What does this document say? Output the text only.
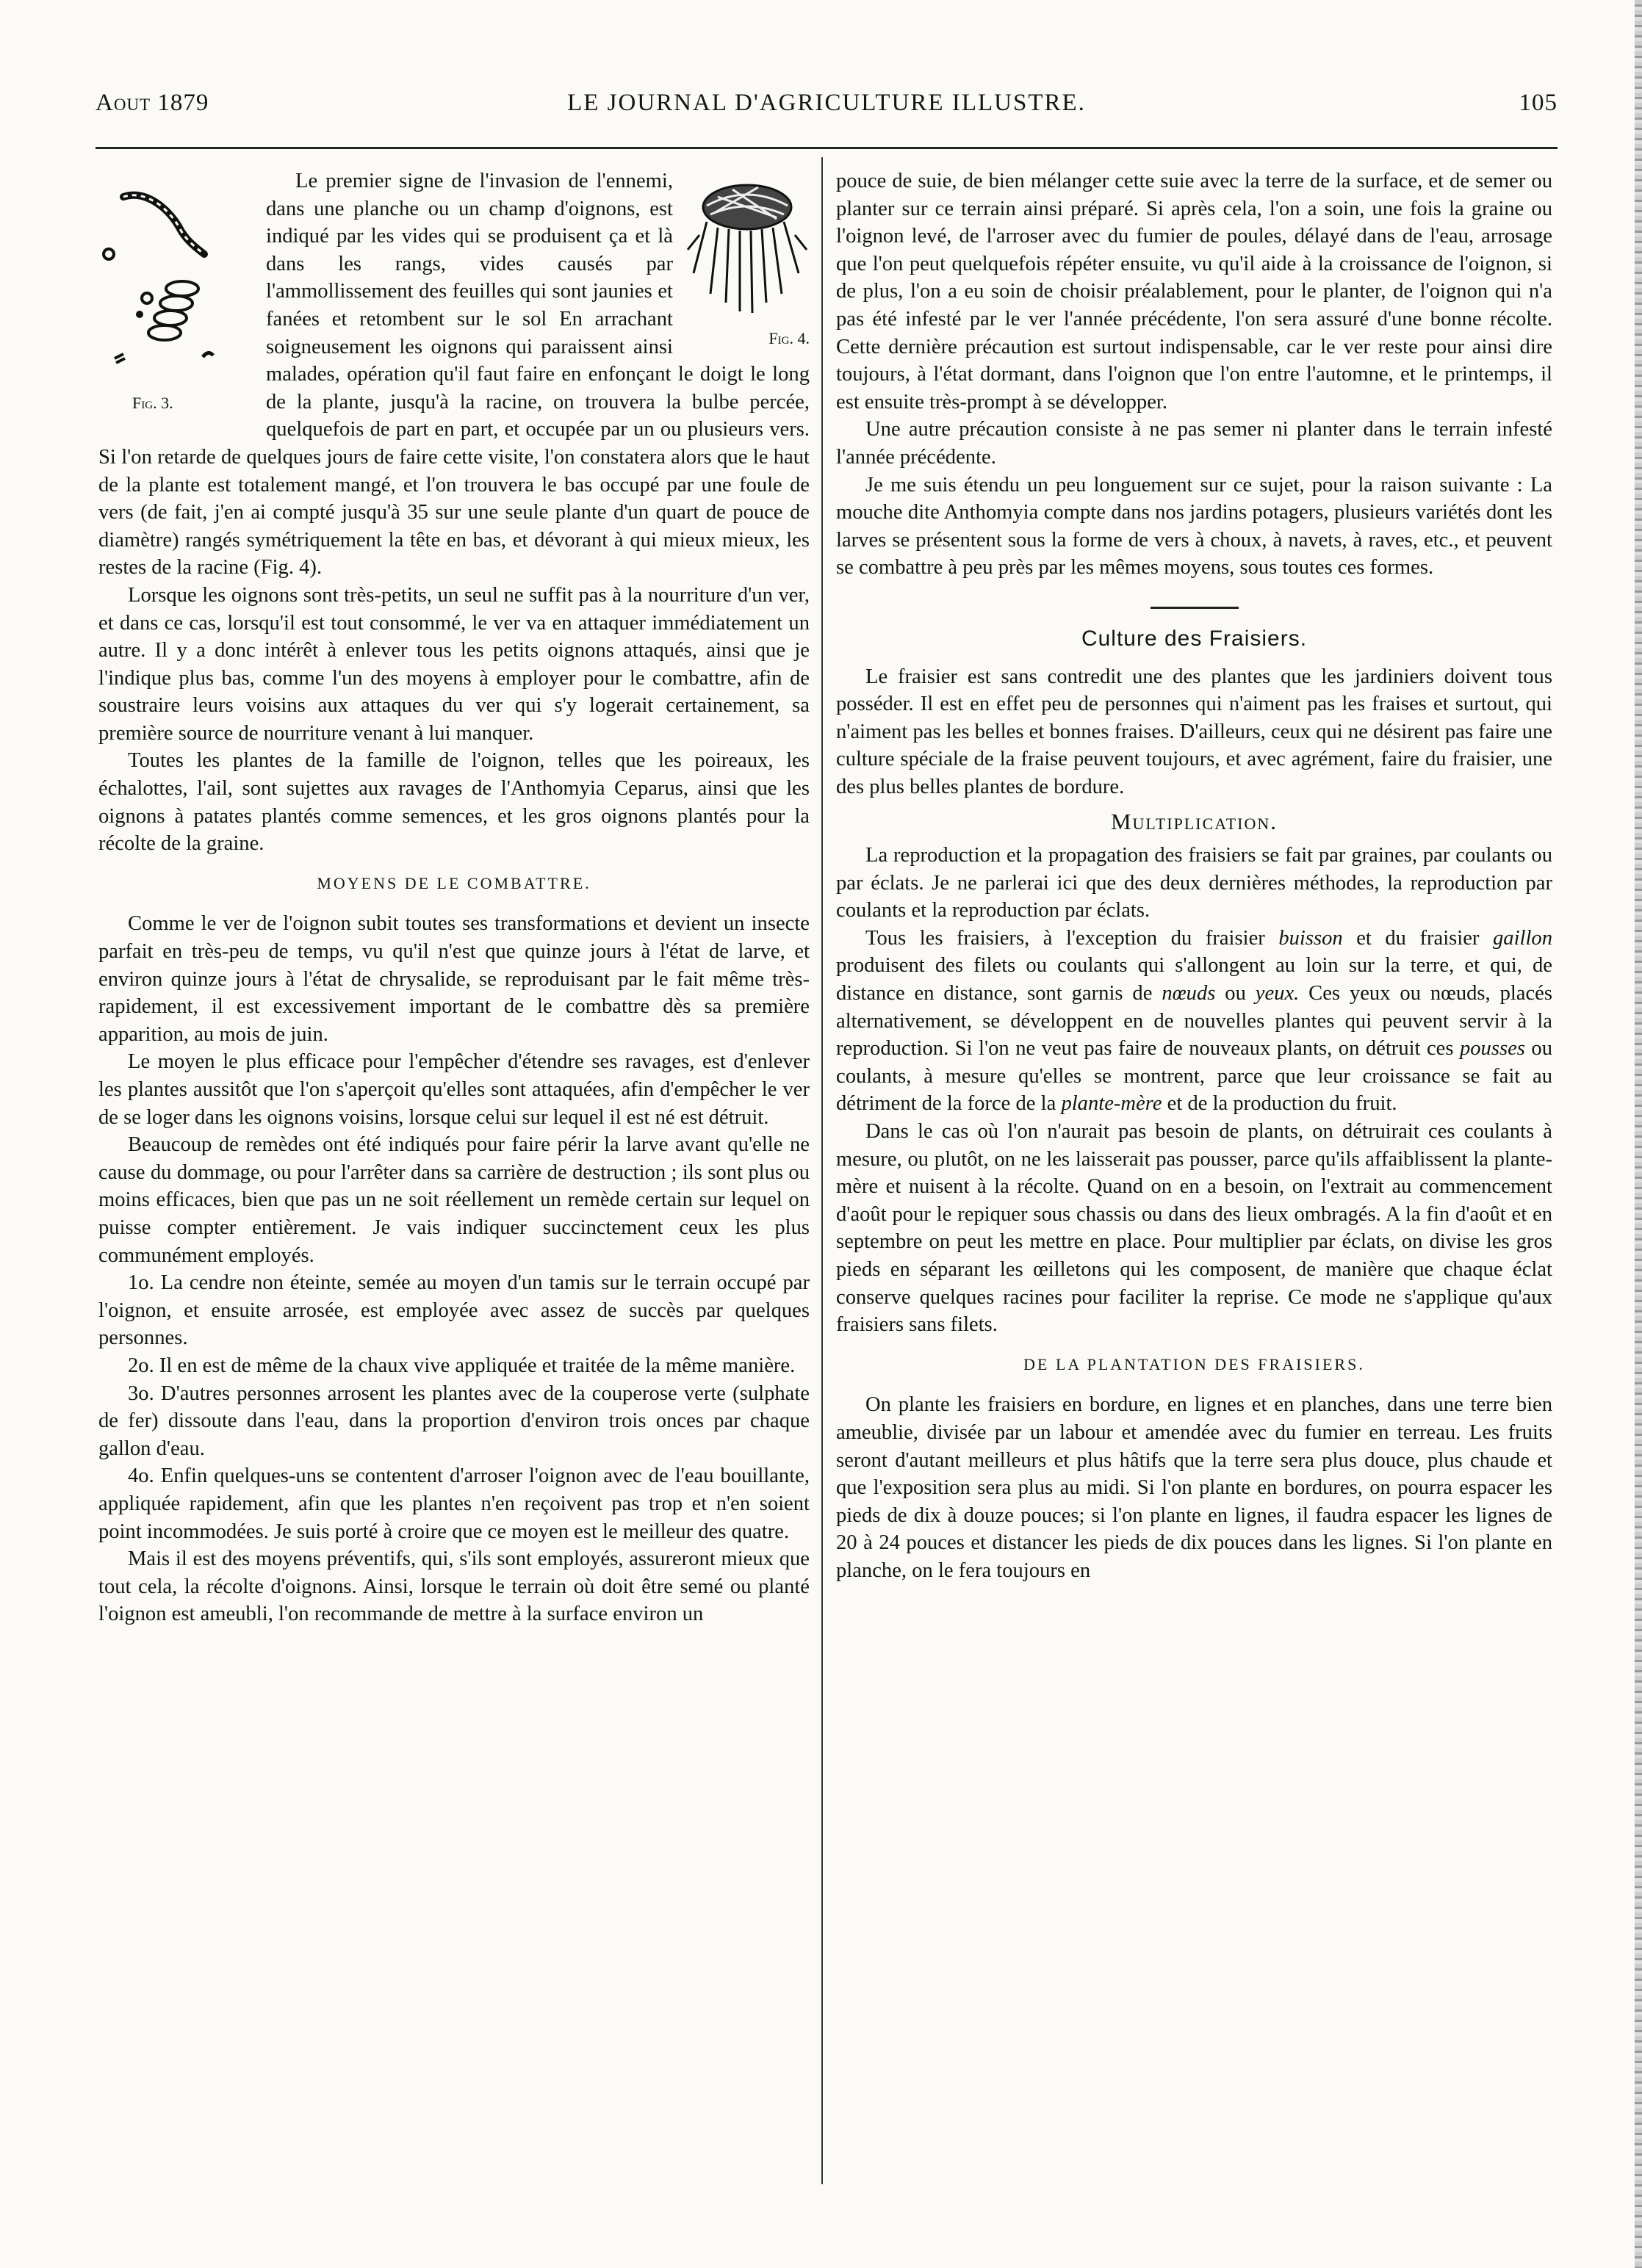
Aout 1879	LE JOURNAL D'AGRICULTURE ILLUSTRE.	105
Fig. 3.
Fig. 4.

Le premier signe de l'invasion de l'ennemi, dans une planche ou un champ d'oignons, est indiqué par les vides qui se produisent ça et là dans les rangs, vides causés par l'ammollissement des feuilles qui sont jaunies et fanées et retombent sur le sol En arrachant soigneusement les oignons qui paraissent ainsi malades, opération qu'il faut faire en enfonçant le doigt le long de la plante, jusqu'à la racine, on trouvera la bulbe percée, quelquefois de part en part, et occupée par un ou plusieurs vers. Si l'on retarde de quelques jours de faire cette visite, l'on constatera alors que le haut de la plante est totalement mangé, et l'on trouvera le bas occupé par une foule de vers (de fait, j'en ai compté jusqu'à 35 sur une seule plante d'un quart de pouce de diamètre) rangés symétriquement la tête en bas, et dévorant à qui mieux mieux, les restes de la racine (Fig. 4).

Lorsque les oignons sont très-petits, un seul ne suffit pas à la nourriture d'un ver, et dans ce cas, lorsqu'il est tout consommé, le ver va en attaquer immédiatement un autre. Il y a donc intérêt à enlever tous les petits oignons attaqués, ainsi que je l'indique plus bas, comme l'un des moyens à employer pour le combattre, afin de soustraire leurs voisins aux attaques du ver qui s'y logerait certainement, sa première source de nourriture venant à lui manquer.

Toutes les plantes de la famille de l'oignon, telles que les poireaux, les échalottes, l'ail, sont sujettes aux ravages de l'Anthomyia Ceparus, ainsi que les oignons à patates plantés comme semences, et les gros oignons plantés pour la récolte de la graine.

MOYENS DE LE COMBATTRE.

Comme le ver de l'oignon subit toutes ses transformations et devient un insecte parfait en très-peu de temps, vu qu'il n'est que quinze jours à l'état de larve, et environ quinze jours à l'état de chrysalide, se reproduisant par le fait même très-rapidement, il est excessivement important de le combattre dès sa première apparition, au mois de juin.

Le moyen le plus efficace pour l'empêcher d'étendre ses ravages, est d'enlever les plantes aussitôt que l'on s'aperçoit qu'elles sont attaquées, afin d'empêcher le ver de se loger dans les oignons voisins, lorsque celui sur lequel il est né est détruit.

Beaucoup de remèdes ont été indiqués pour faire périr la larve avant qu'elle ne cause du dommage, ou pour l'arrêter dans sa carrière de destruction ; ils sont plus ou moins efficaces, bien que pas un ne soit réellement un remède certain sur lequel on puisse compter entièrement. Je vais indiquer succinctement ceux les plus communément employés.

1o. La cendre non éteinte, semée au moyen d'un tamis sur le terrain occupé par l'oignon, et ensuite arrosée, est employée avec assez de succès par quelques personnes.

2o. Il en est de même de la chaux vive appliquée et traitée de la même manière.

3o. D'autres personnes arrosent les plantes avec de la couperose verte (sulphate de fer) dissoute dans l'eau, dans la proportion d'environ trois onces par chaque gallon d'eau.

4o. Enfin quelques-uns se contentent d'arroser l'oignon avec de l'eau bouillante, appliquée rapidement, afin que les plantes n'en reçoivent pas trop et n'en soient point incommodées. Je suis porté à croire que ce moyen est le meilleur des quatre.

Mais il est des moyens préventifs, qui, s'ils sont employés, assureront mieux que tout cela, la récolte d'oignons. Ainsi, lorsque le terrain où doit être semé ou planté l'oignon est ameubli, l'on recommande de mettre à la surface environ un

pouce de suie, de bien mélanger cette suie avec la terre de la surface, et de semer ou planter sur ce terrain ainsi préparé. Si après cela, l'on a soin, une fois la graine ou l'oignon levé, de l'arroser avec du fumier de poules, délayé dans de l'eau, arrosage que l'on peut quelquefois répéter ensuite, vu qu'il aide à la croissance de l'oignon, si de plus, l'on a eu soin de choisir préalablement, pour le planter, de l'oignon qui n'a pas été infesté par le ver l'année précédente, l'on sera assuré d'une bonne récolte. Cette dernière précaution est surtout indispensable, car le ver reste pour ainsi dire toujours, à l'état dormant, dans l'oignon que l'on entre l'automne, et le printemps, il est ensuite très-prompt à se développer.

Une autre précaution consiste à ne pas semer ni planter dans le terrain infesté l'année précédente.

Je me suis étendu un peu longuement sur ce sujet, pour la raison suivante : La mouche dite Anthomyia compte dans nos jardins potagers, plusieurs variétés dont les larves se présentent sous la forme de vers à choux, à navets, à raves, etc., et peuvent se combattre à peu près par les mêmes moyens, sous toutes ces formes.

Culture des Fraisiers.

Le fraisier est sans contredit une des plantes que les jardiniers doivent tous posséder. Il est en effet peu de personnes qui n'aiment pas les fraises et surtout, qui n'aiment pas les belles et bonnes fraises. D'ailleurs, ceux qui ne désirent pas faire une culture spéciale de la fraise peuvent toujours, et avec agrément, faire du fraisier, une des plus belles plantes de bordure.

Multiplication.

La reproduction et la propagation des fraisiers se fait par graines, par coulants ou par éclats. Je ne parlerai ici que des deux dernières méthodes, la reproduction par coulants et la reproduction par éclats.

Tous les fraisiers, à l'exception du fraisier buisson et du fraisier gaillon produisent des filets ou coulants qui s'allongent au loin sur la terre, et qui, de distance en distance, sont garnis de nœuds ou yeux. Ces yeux ou nœuds, placés alternativement, se développent en de nouvelles plantes qui peuvent servir à la reproduction. Si l'on ne veut pas faire de nouveaux plants, on détruit ces pousses ou coulants, à mesure qu'elles se montrent, parce que leur croissance se fait au détriment de la force de la plante-mère et de la production du fruit.

Dans le cas où l'on n'aurait pas besoin de plants, on détruirait ces coulants à mesure, ou plutôt, on ne les laisserait pas pousser, parce qu'ils affaiblissent la plante-mère et nuisent à la récolte. Quand on en a besoin, on l'extrait au commencement d'août pour le repiquer sous chassis ou dans des lieux ombragés. A la fin d'août et en septembre on peut les mettre en place. Pour multiplier par éclats, on divise les gros pieds en séparant les œilletons qui les composent, de manière que chaque éclat conserve quelques racines pour faciliter la reprise. Ce mode ne s'applique qu'aux fraisiers sans filets.

DE LA PLANTATION DES FRAISIERS.

On plante les fraisiers en bordure, en lignes et en planches, dans une terre bien ameublie, divisée par un labour et amendée avec du fumier en terreau. Les fruits seront d'autant meilleurs et plus hâtifs que la terre sera plus douce, plus chaude et que l'exposition sera plus au midi. Si l'on plante en bordures, on pourra espacer les pieds de dix à douze pouces; si l'on plante en lignes, il faudra espacer les lignes de 20 à 24 pouces et distancer les pieds de dix pouces dans les lignes. Si l'on plante en planche, on le fera toujours en
